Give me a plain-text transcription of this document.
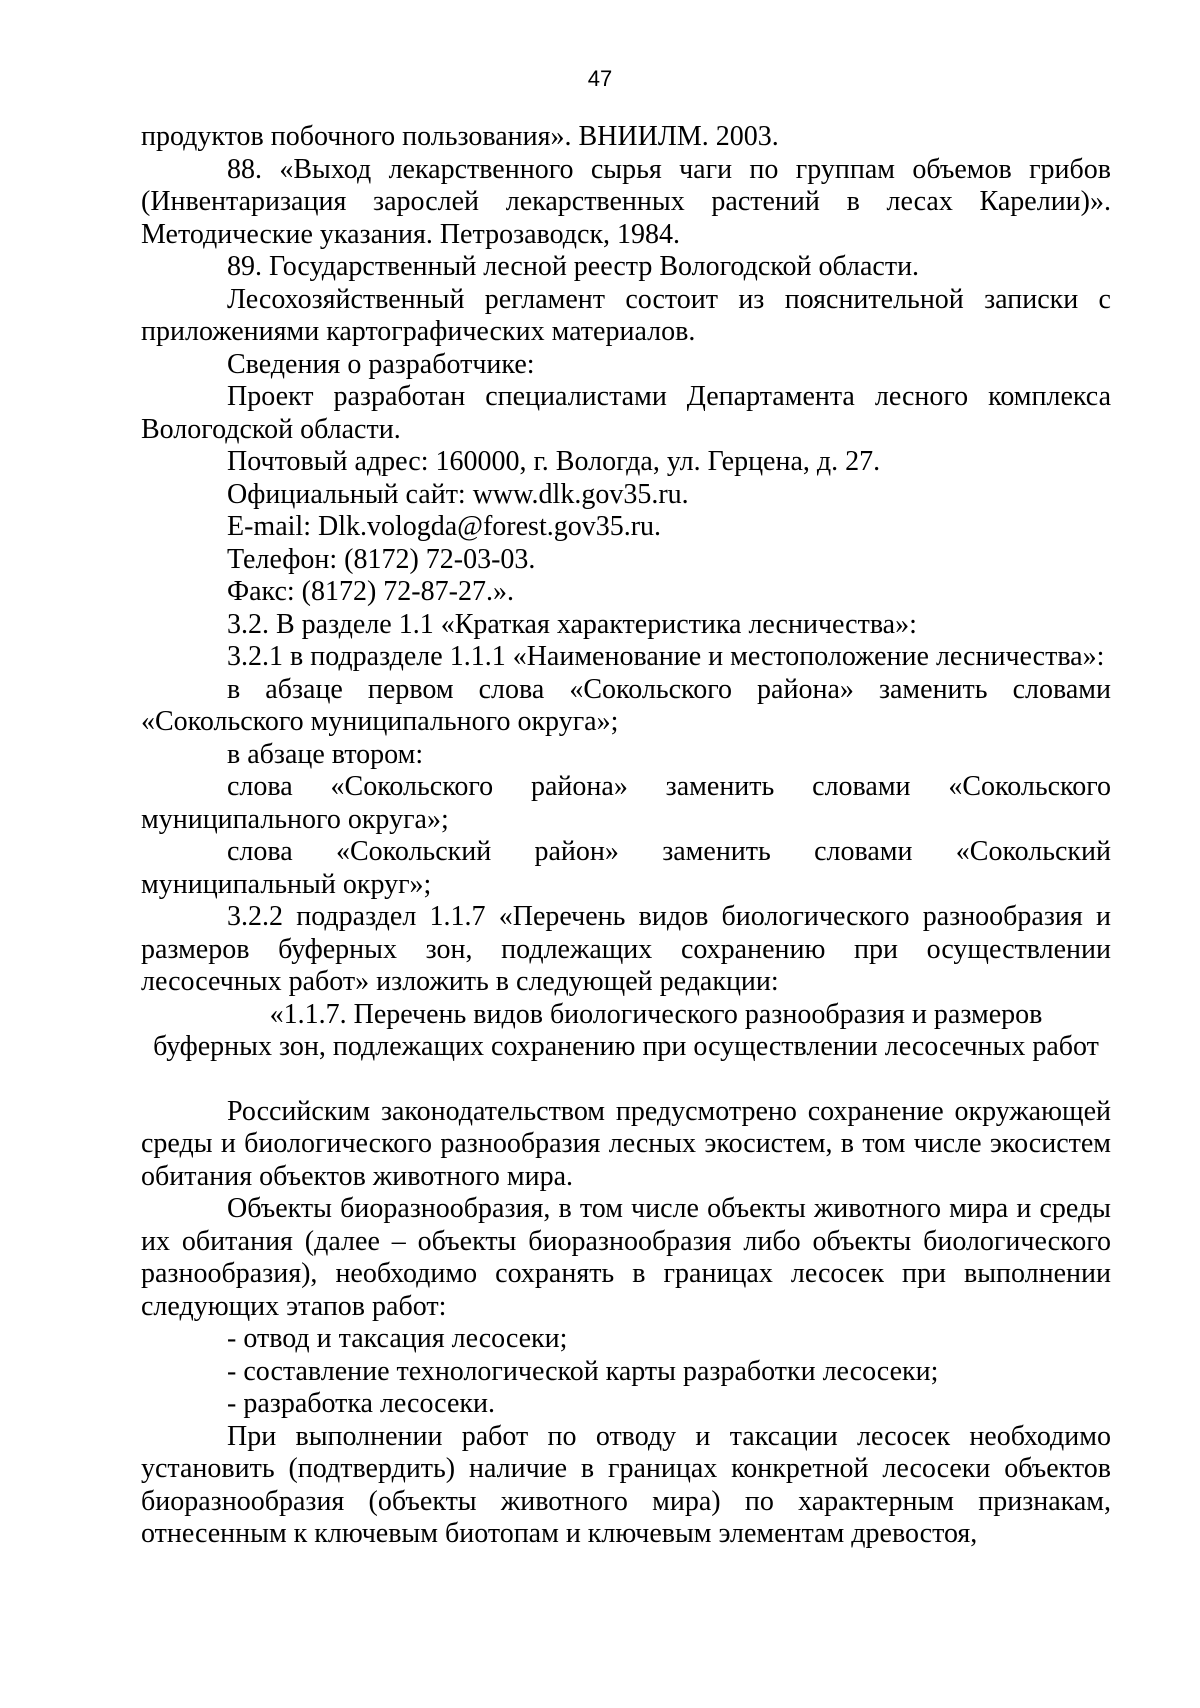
47

продуктов побочного пользования». ВНИИЛМ. 2003.

88. «Выход лекарственного сырья чаги по группам объемов грибов (Инвентаризация зарослей лекарственных растений в лесах Карелии)». Методические указания. Петрозаводск, 1984.

89. Государственный лесной реестр Вологодской области.

Лесохозяйственный регламент состоит из пояснительной записки с приложениями картографических материалов.

Сведения о разработчике:

Проект разработан специалистами Департамента лесного комплекса Вологодской области.

Почтовый адрес: 160000, г. Вологда, ул. Герцена, д. 27.

Официальный сайт: www.dlk.gov35.ru.

E-mail: Dlk.vologda@forest.gov35.ru.

Телефон: (8172) 72-03-03.

Факс: (8172) 72-87-27.».

3.2. В разделе 1.1 «Краткая характеристика лесничества»:

3.2.1 в подразделе 1.1.1 «Наименование и местоположение лесничества»:

в абзаце первом слова «Сокольского района» заменить словами «Сокольского муниципального округа»;

в абзаце втором:

слова «Сокольского района» заменить словами «Сокольского муниципального округа»;

слова «Сокольский район» заменить словами «Сокольский муниципальный округ»;

3.2.2 подраздел 1.1.7 «Перечень видов биологического разнообразия и размеров буферных зон, подлежащих сохранению при осуществлении лесосечных работ» изложить в следующей редакции:

«1.1.7. Перечень видов биологического разнообразия и размеров

буферных зон, подлежащих сохранению при осуществлении лесосечных работ

Российским законодательством предусмотрено сохранение окружающей среды и биологического разнообразия лесных экосистем, в том числе экосистем обитания объектов животного мира.

Объекты биоразнообразия, в том числе объекты животного мира и среды их обитания (далее – объекты биоразнообразия либо объекты биологического разнообразия), необходимо сохранять в границах лесосек при выполнении следующих этапов работ:

- отвод и таксация лесосеки;

- составление технологической карты разработки лесосеки;

- разработка лесосеки.

При выполнении работ по отводу и таксации лесосек необходимо установить (подтвердить) наличие в границах конкретной лесосеки объектов биоразнообразия (объекты животного мира) по характерным признакам, отнесенным к ключевым биотопам и ключевым элементам древостоя,
